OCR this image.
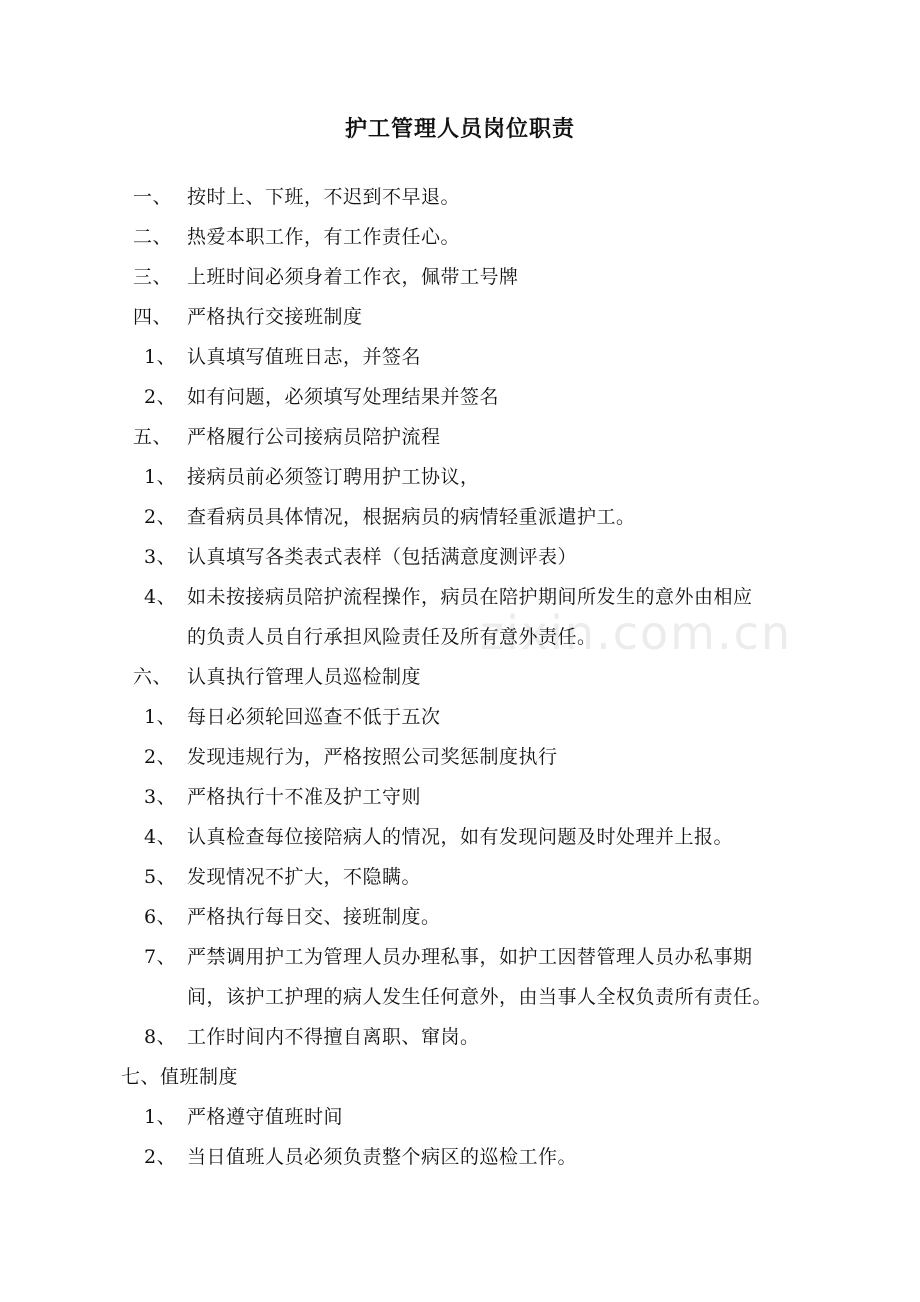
护工管理人员岗位职责
zixin.com.cn
一、 按时上、下班，不迟到不早退。
二、 热爱本职工作，有工作责任心。
三、 上班时间必须身着工作衣，佩带工号牌
四、 严格执行交接班制度
1、 认真填写值班日志，并签名
2、 如有问题，必须填写处理结果并签名
五、 严格履行公司接病员陪护流程
1、 接病员前必须签订聘用护工协议，
2、 查看病员具体情况，根据病员的病情轻重派遣护工。
3、 认真填写各类表式表样（包括满意度测评表）
4、 如未按接病员陪护流程操作，病员在陪护期间所发生的意外由相应
的负责人员自行承担风险责任及所有意外责任。
六、 认真执行管理人员巡检制度
1、 每日必须轮回巡查不低于五次
2、 发现违规行为，严格按照公司奖惩制度执行
3、 严格执行十不准及护工守则
4、 认真检查每位接陪病人的情况，如有发现问题及时处理并上报。
5、 发现情况不扩大，不隐瞒。
6、 严格执行每日交、接班制度。
7、 严禁调用护工为管理人员办理私事，如护工因替管理人员办私事期
间，该护工护理的病人发生任何意外，由当事人全权负责所有责任。
8、 工作时间内不得擅自离职、窜岗。
七、值班制度
1、 严格遵守值班时间
2、 当日值班人员必须负责整个病区的巡检工作。
